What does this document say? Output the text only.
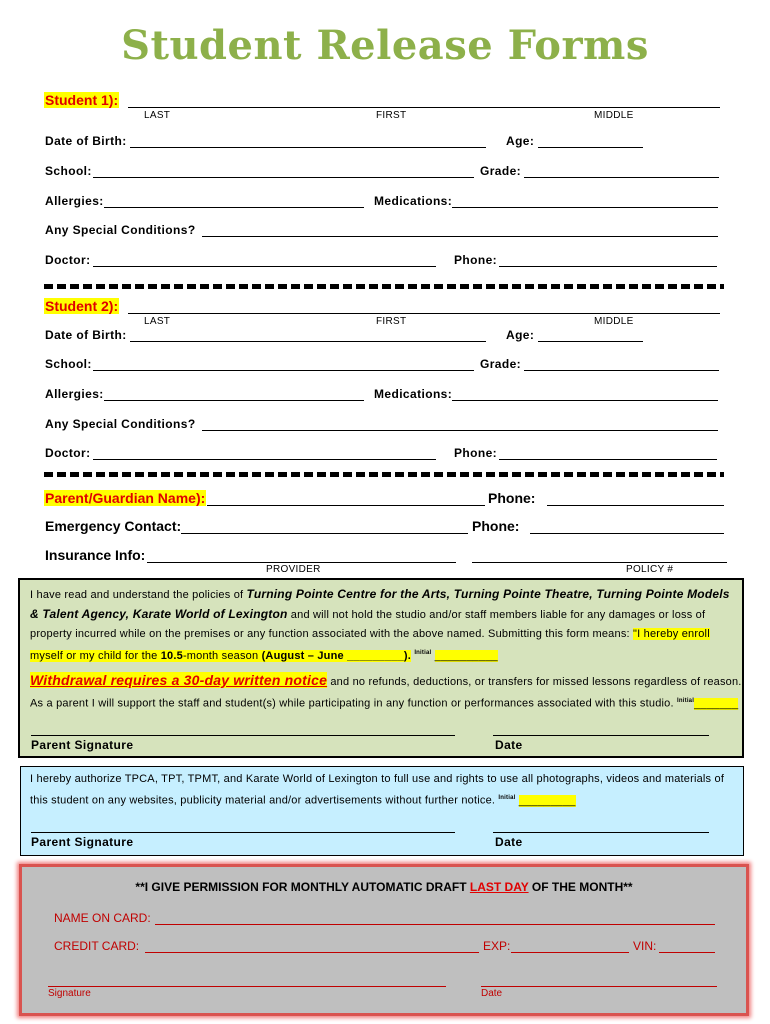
Student Release Forms
Student 1):
LAST	FIRST	MIDDLE
Date of Birth:	Age:
School:	Grade:
Allergies:	Medications:
Any Special Conditions?
Doctor:	Phone:
Student 2):
LAST	FIRST	MIDDLE
Date of Birth:	Age:
School:	Grade:
Allergies:	Medications:
Any Special Conditions?
Doctor:	Phone:
Parent/Guardian Name):	Phone:
Emergency Contact:	Phone:
Insurance Info:
PROVIDER	POLICY #
I have read and understand the policies of Turning Pointe Centre for the Arts, Turning Pointe Theatre, Turning Pointe Models & Talent Agency, Karate World of Lexington and will not hold the studio and/or staff members liable for any damages or loss of property incurred while on the premises or any function associated with the above named. Submitting this form means: "I hereby enroll myself or my child for the 10.5-month season (August – June _________). $^{Initial}$ __________
Withdrawal requires a 30-day written notice and no refunds, deductions, or transfers for missed lessons regardless of reason. As a parent I will support the staff and student(s) while participating in any function or performances associated with this studio. $^{Initial}$_______
Parent Signature	Date
I hereby authorize TPCA, TPT, TPMT, and Karate World of Lexington to full use and rights to use all photographs, videos and materials of this student on any websites, publicity material and/or advertisements without further notice. $^{Initial}$ _________
Parent Signature	Date
**I GIVE PERMISSION FOR MONTHLY AUTOMATIC DRAFT LAST DAY OF THE MONTH**
NAME ON CARD:
CREDIT CARD:	EXP:	VIN:
Signature	Date
